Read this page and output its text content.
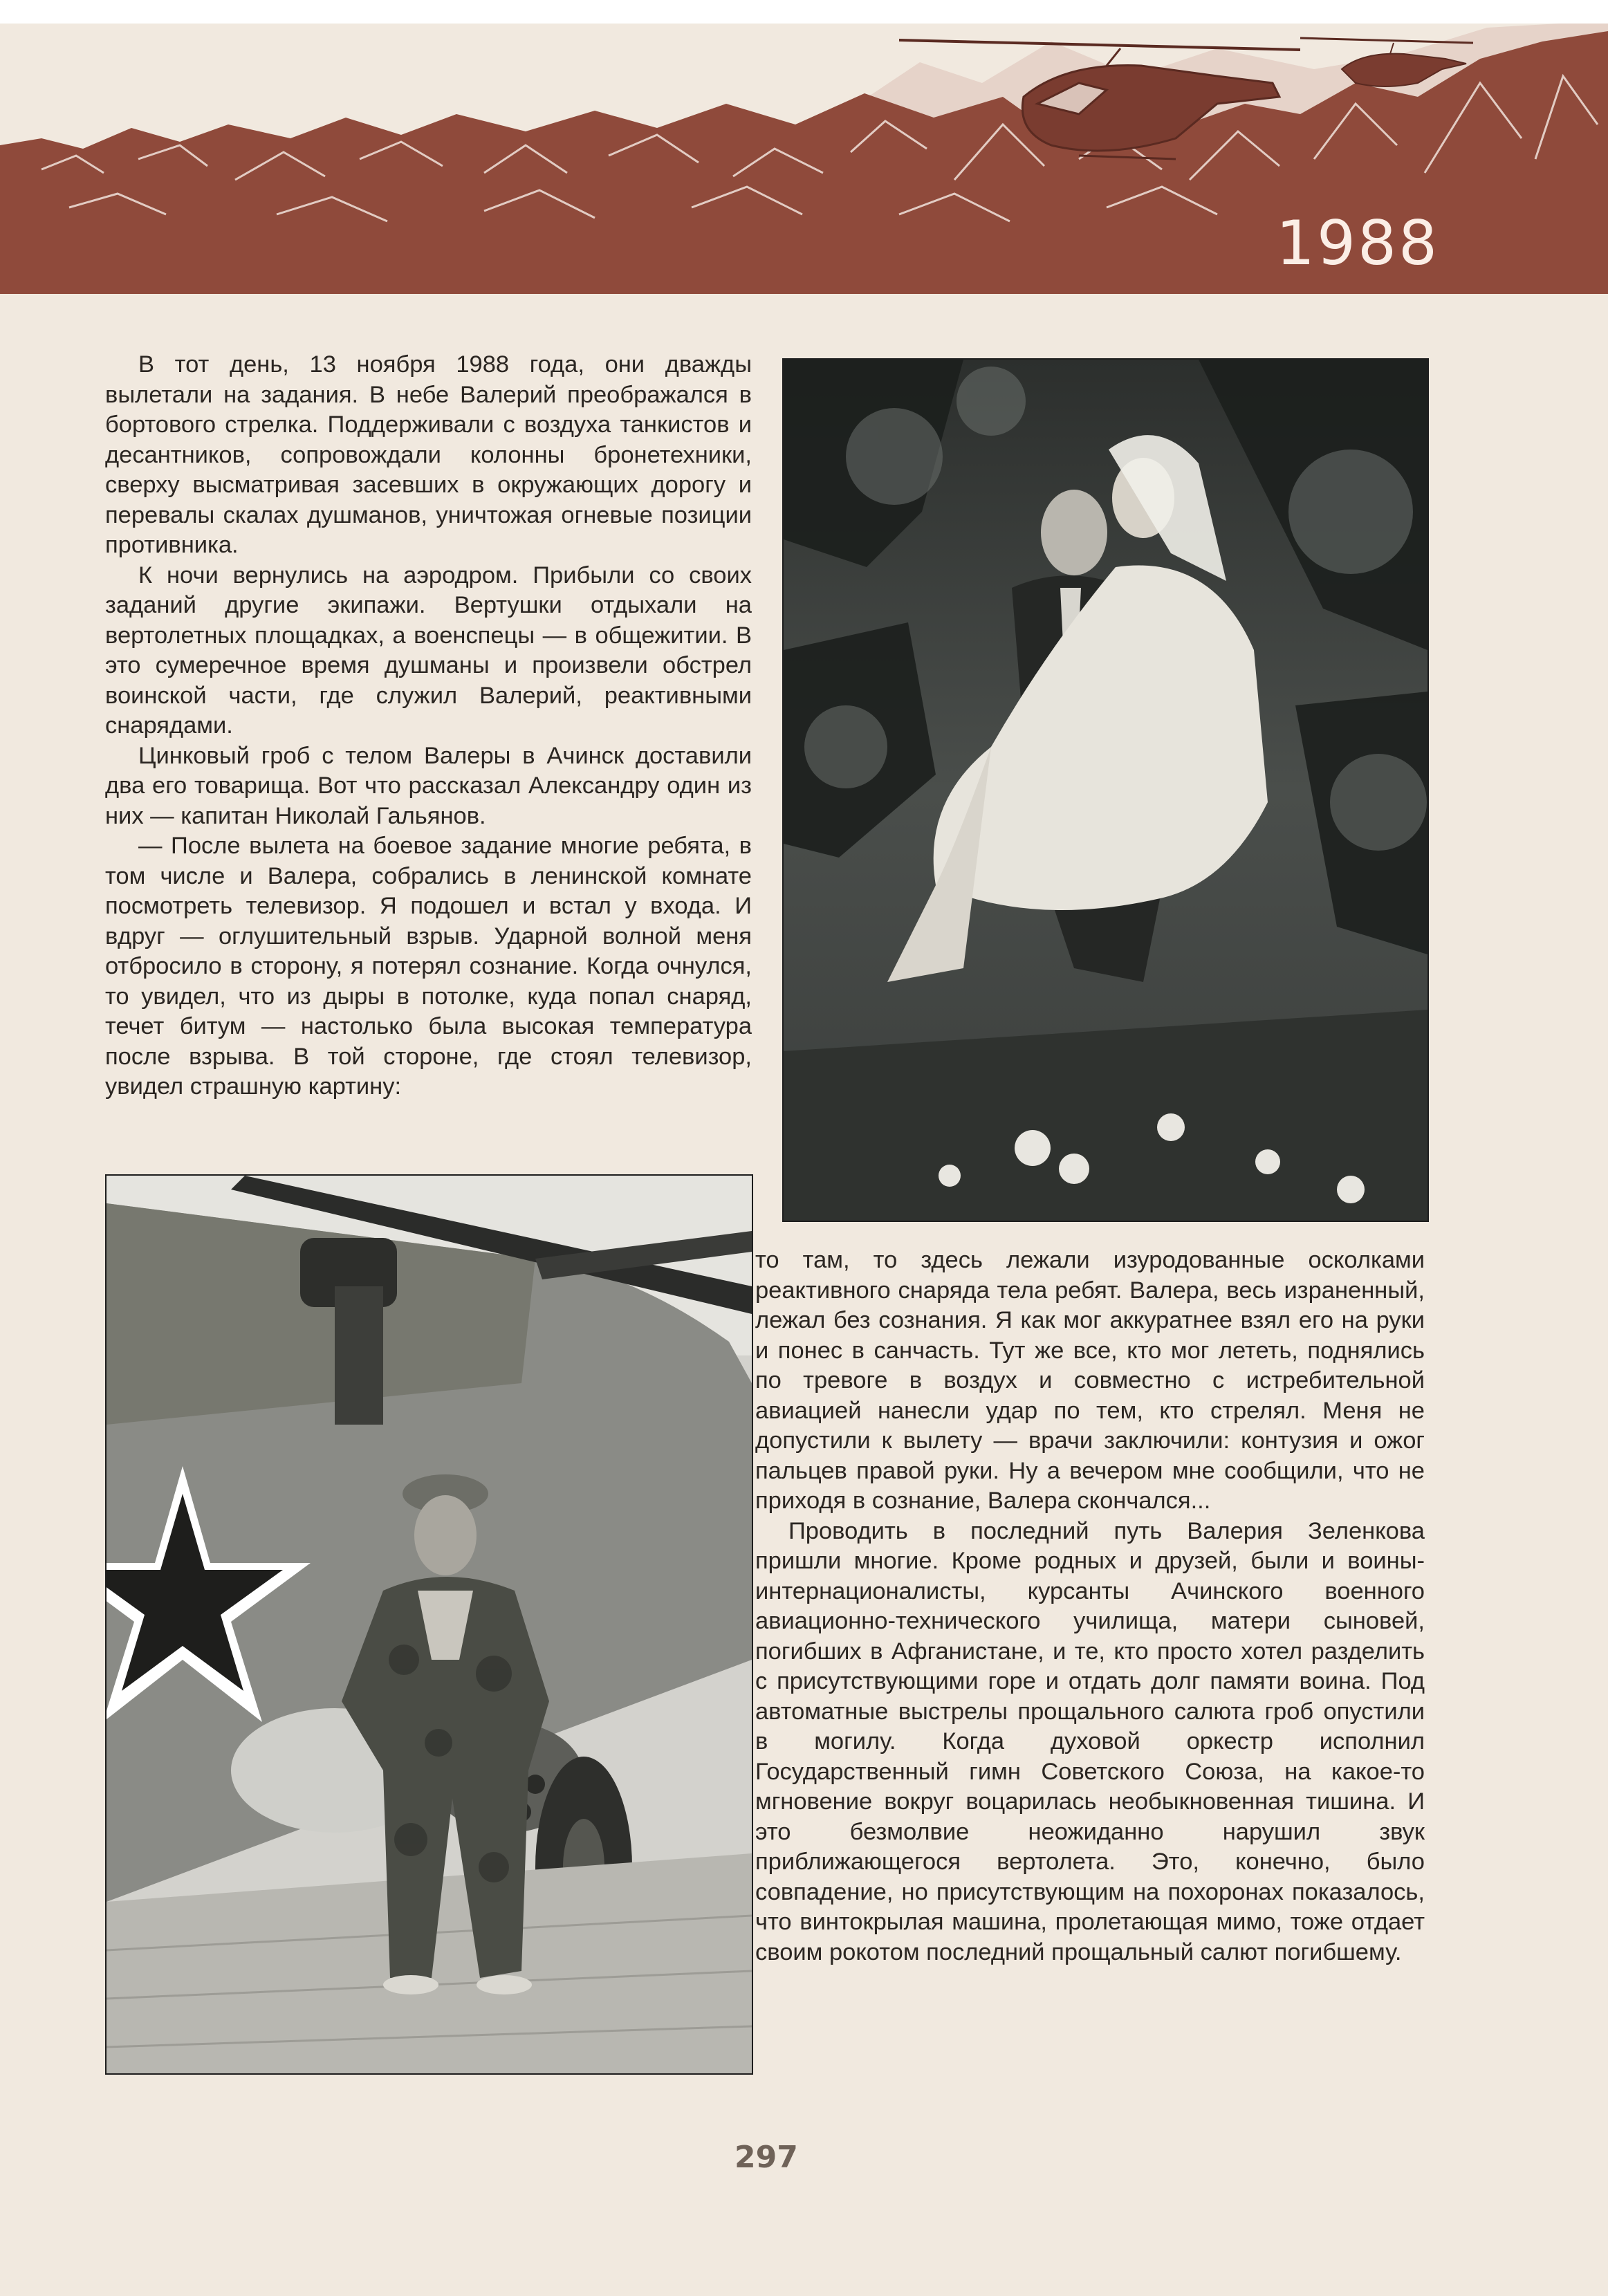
1988

В тот день, 13 ноября 1988 года, они дважды вылетали на задания. В небе Валерий преображался в бортового стрелка. Поддерживали с воздуха танкистов и десантников, сопровождали колонны бронетехники, сверху высматривая засевших в окружающих дорогу и перевалы скалах душманов, уничтожая огневые позиции противника.

К ночи вернулись на аэродром. Прибыли со своих заданий другие экипажи. Вертушки отдыхали на вертолетных площадках, а военспецы — в общежитии. В это сумеречное время душманы и произвели обстрел воинской части, где служил Валерий, реактивными снарядами.

Цинковый гроб с телом Валеры в Ачинск доставили два его товарища. Вот что рассказал Александру один из них — капитан Николай Гальянов.

— После вылета на боевое задание многие ребята, в том числе и Валера, собрались в ленинской комнате посмотреть телевизор. Я подошел и встал у входа. И вдруг — оглушительный взрыв. Ударной волной меня отбросило в сторону, я потерял сознание. Когда очнулся, то увидел, что из дыры в потолке, куда попал снаряд, течет битум — настолько была высокая температура после взрыва. В той стороне, где стоял телевизор, увидел страшную картину:

то там, то здесь лежали изуродованные осколками реактивного снаряда тела ребят. Валера, весь израненный, лежал без сознания. Я как мог аккуратнее взял его на руки и понес в санчасть. Тут же все, кто мог лететь, поднялись по тревоге в воздух и совместно с истребительной авиацией нанесли удар по тем, кто стрелял. Меня не допустили к вылету — врачи заключили: контузия и ожог пальцев правой руки. Ну а вечером мне сообщили, что не приходя в сознание, Валера скончался...

Проводить в последний путь Валерия Зеленкова пришли многие. Кроме родных и друзей, были и воины-интернационалисты, курсанты Ачинского военного авиационно-технического училища, матери сыновей, погибших в Афганистане, и те, кто просто хотел разделить с присутствующими горе и отдать долг памяти воина. Под автоматные выстрелы прощального салюта гроб опустили в могилу. Когда духовой оркестр исполнил Государственный гимн Советского Союза, на какое-то мгновение вокруг воцарилась необыкновенная тишина. И это безмолвие неожиданно нарушил звук приближающегося вертолета. Это, конечно, было совпадение, но присутствующим на похоронах показалось, что винтокрылая машина, пролетающая мимо, тоже отдает своим рокотом последний прощальный салют погибшему.

297
